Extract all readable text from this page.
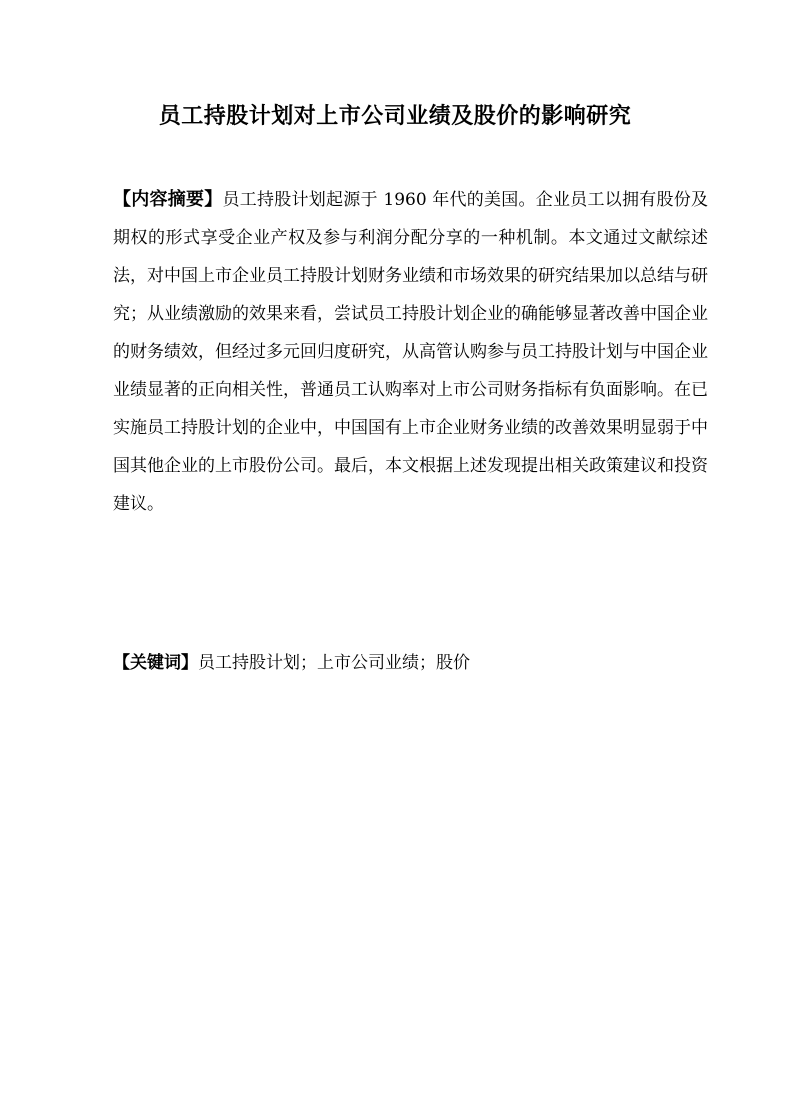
员工持股计划对上市公司业绩及股价的影响研究

【内容摘要】员工持股计划起源于 1960 年代的美国。企业员工以拥有股份及期权的形式享受企业产权及参与利润分配分享的一种机制。本文通过文献综述法，对中国上市企业员工持股计划财务业绩和市场效果的研究结果加以总结与研究；从业绩激励的效果来看，尝试员工持股计划企业的确能够显著改善中国企业的财务绩效，但经过多元回归度研究，从高管认购参与员工持股计划与中国企业业绩显著的正向相关性，普通员工认购率对上市公司财务指标有负面影响。在已实施员工持股计划的企业中，中国国有上市企业财务业绩的改善效果明显弱于中国其他企业的上市股份公司。最后，本文根据上述发现提出相关政策建议和投资建议。

【关键词】员工持股计划；上市公司业绩；股价
